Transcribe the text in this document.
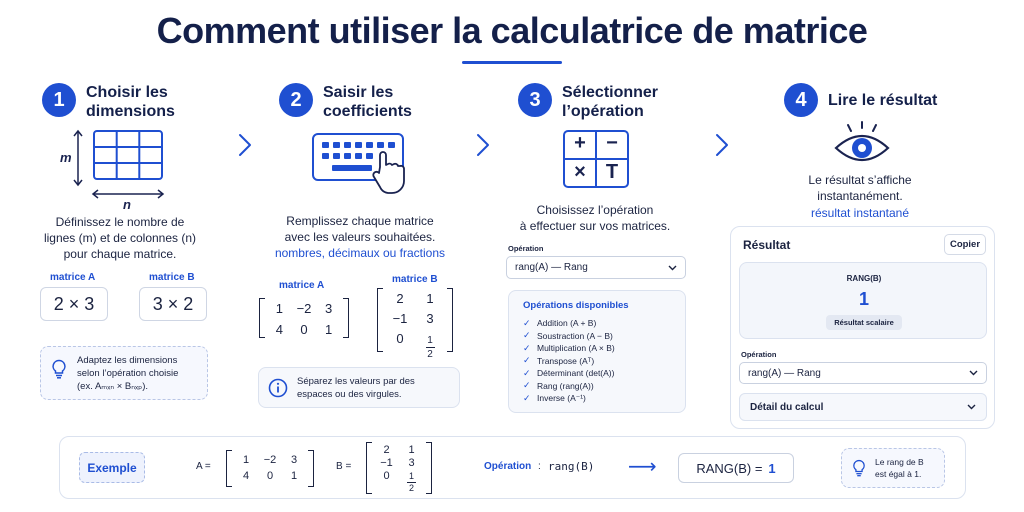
Comment utiliser la calculatrice de matrice
1	Choisir les
dimensions
2	Saisir les
coefficients
3	Sélectionner
l’opération
4	Lire le résultat
m
n
Définissez le nombre de
lignes (m) et de colonnes (n)
pour chaque matrice.
matrice A	matrice B
2 × 3	3 × 2
Adaptez les dimensions
selon l’opération choisie
(ex. Aₘₓₙ × Bₙₓₚ).
Remplissez chaque matrice
avec les valeurs souhaitées.
nombres, décimaux ou fractions
matrice A
matrice B
1	−2	3
4	0	1
2	1
−1	3
0	$\frac{1}{2}$
Séparez les valeurs par des
espaces ou des virgules.
+	−
×	T
Choisissez l’opération
à effectuer sur vos matrices.
Opération
rang(A) — Rang
Opérations disponibles
✓ Addition (A + B)
✓ Soustraction (A − B)
✓ Multiplication (A × B)
✓ Transpose (Aᵀ)
✓ Déterminant (det(A))
✓ Rang (rang(A))
✓ Inverse (A⁻¹)
Le résultat s’affiche
instantanément.
résultat instantané
Résultat	Copier
RANG(B)
1
Résultat scalaire
Opération
rang(A) — Rang
Détail du calcul
Exemple	A =
1	−2	3
4	0	1
B =
2	1
−1	3
0	$\frac{1}{2}$
Opération : rang(B) ⟶	RANG(B) = 1	Le rang de B
est égal à 1.
